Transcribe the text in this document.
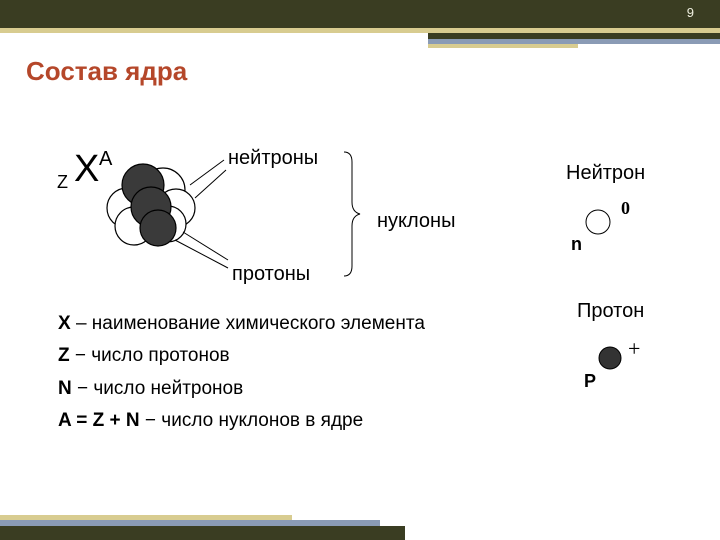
9
Состав ядра
Z X A	нейтроны
нуклоны
протоны
Нейтрон
n
0
Протон
P
+
X – наименование химического элемента
Z − число протонов
N − число нейтронов
A = Z + N − число нуклонов в ядре
